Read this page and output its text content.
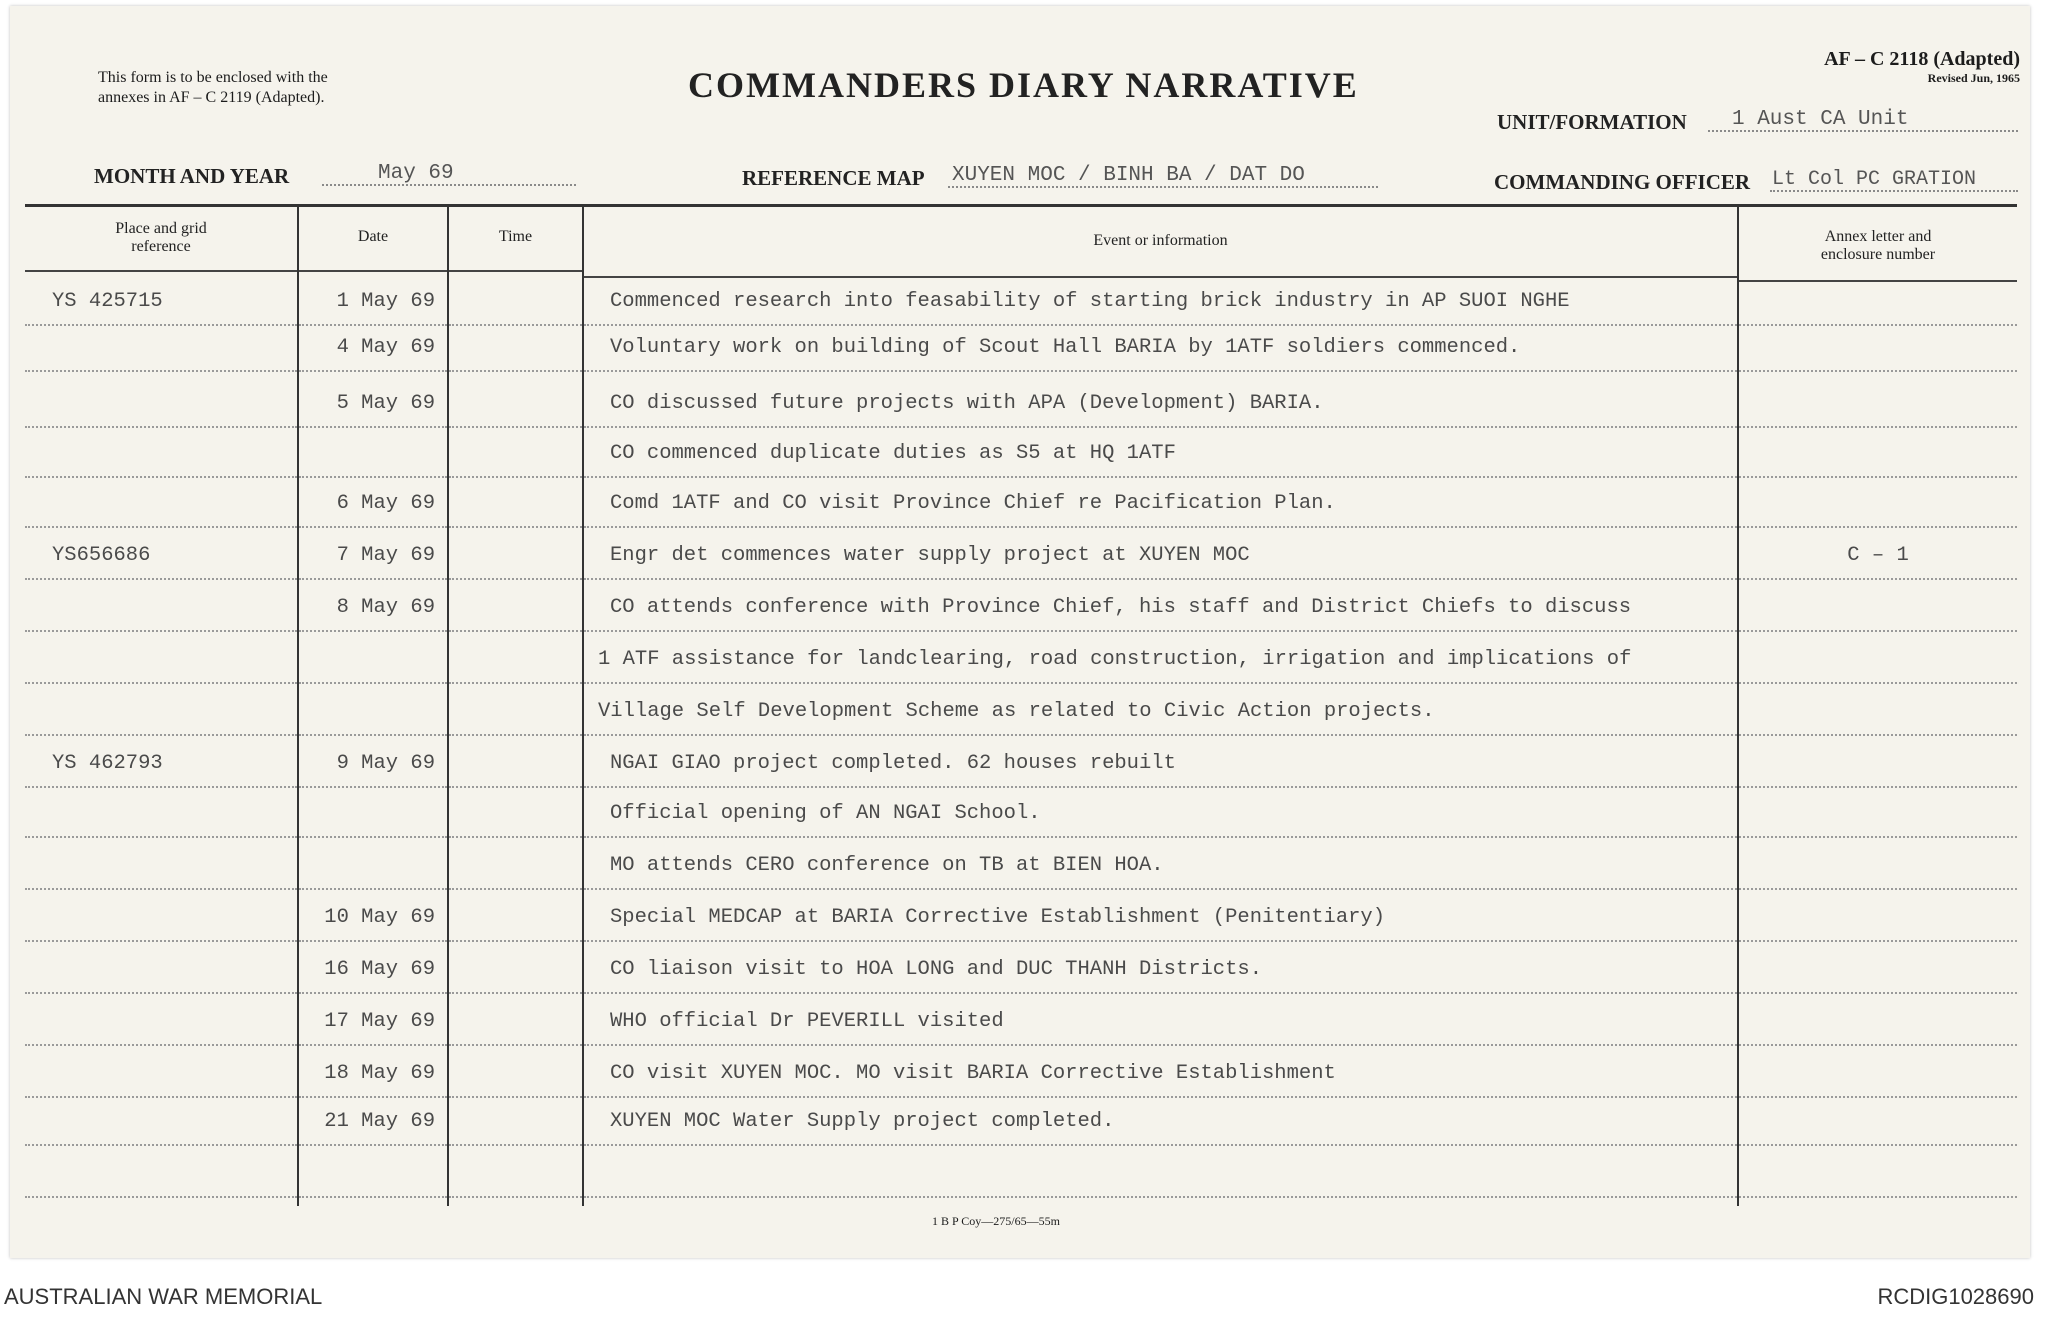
This form is to be enclosed with the
annexes in AF – C 2119 (Adapted).	COMMANDERS DIARY NARRATIVE
AF – C 2118 (Adapted)
Revised Jun, 1965
UNIT/FORMATION 1 Aust CA Unit
MONTH AND YEAR	May 69	REFERENCE MAP XUYEN MOC / BINH BA / DAT DO	COMMANDING OFFICER Lt Col PC GRATION
Place and grid
reference
Date	Time	Event or information	Annex letter and
enclosure number
YS 425715	1 May 69	Commenced research into feasability of starting brick industry in AP SUOI NGHE
4 May 69	Voluntary work on building of Scout Hall BARIA by 1ATF soldiers commenced.
5 May 69	CO discussed future projects with APA (Development) BARIA.
CO commenced duplicate duties as S5 at HQ 1ATF
6 May 69	Comd 1ATF and CO visit Province Chief re Pacification Plan.
YS656686	7 May 69	Engr det commences water supply project at XUYEN MOC	C – 1
8 May 69	CO attends conference with Province Chief, his staff and District Chiefs to discuss
1 ATF assistance for landclearing, road construction, irrigation and implications of
Village Self Development Scheme as related to Civic Action projects.
YS 462793	9 May 69	NGAI GIAO project completed. 62 houses rebuilt
Official opening of AN NGAI School.
MO attends CERO conference on TB at BIEN HOA.
10 May 69	Special MEDCAP at BARIA Corrective Establishment (Penitentiary)
16 May 69	CO liaison visit to HOA LONG and DUC THANH Districts.
17 May 69	WHO official Dr PEVERILL visited
18 May 69	CO visit XUYEN MOC. MO visit BARIA Corrective Establishment
21 May 69	XUYEN MOC Water Supply project completed.
1 B P Coy—275/65—55m
AUSTRALIAN WAR MEMORIAL	RCDIG1028690
